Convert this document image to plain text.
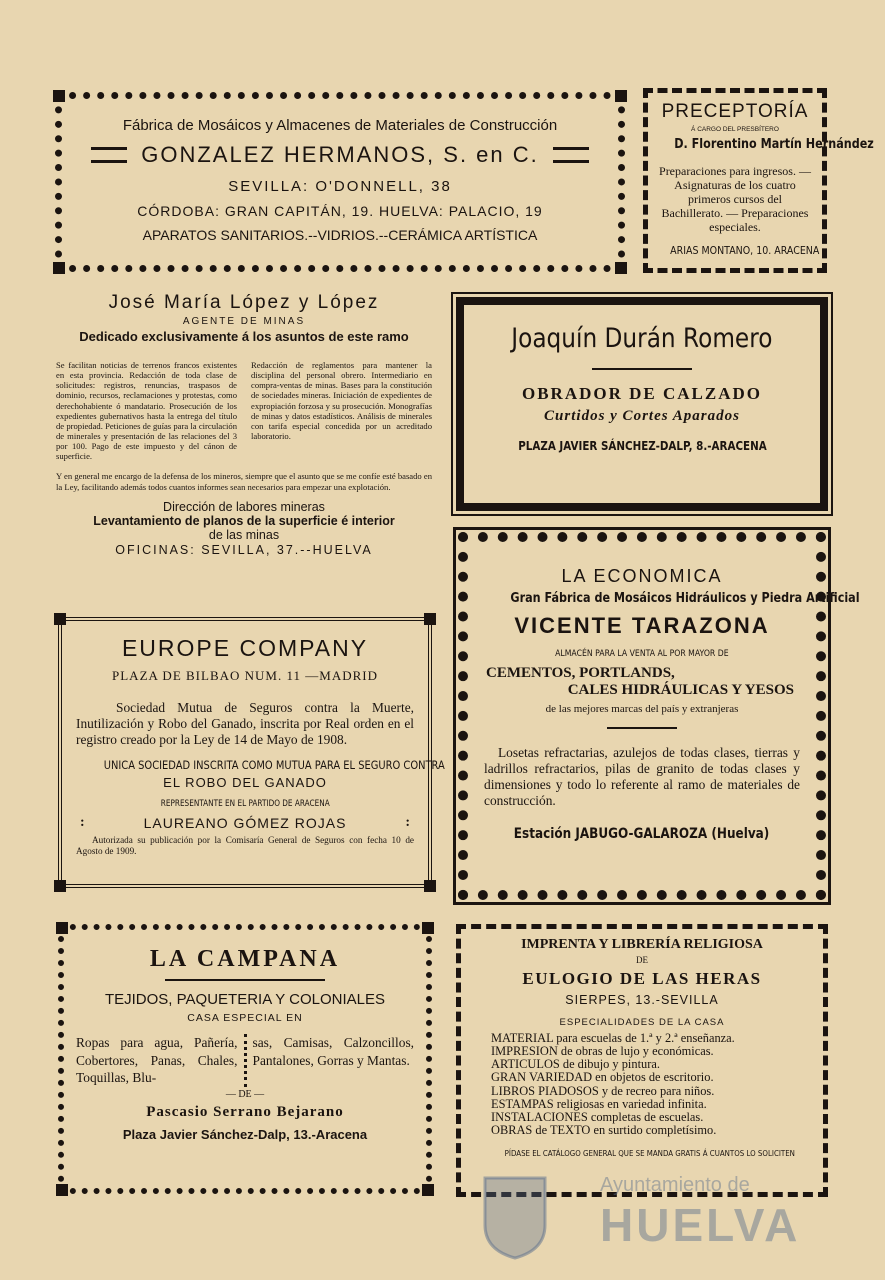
Fábrica de Mosáicos y Almacenes de Materiales de Construcción
GONZALEZ HERMANOS, S. en C.
SEVILLA: O'DONNELL, 38
CÓRDOBA: GRAN CAPITÁN, 19. HUELVA: PALACIO, 19
APARATOS SANITARIOS.--VIDRIOS.--CERÁMICA ARTÍSTICA
PRECEPTORÍA
Á CARGO DEL PRESBÍTERO
D. Florentino Martín Hernández
Preparaciones para ingresos. — Asignaturas de los cuatro primeros cursos del Bachillerato. — Preparaciones especiales.
ARIAS MONTANO, 10. ARACENA
José María López y López
AGENTE DE MINAS
Dedicado exclusivamente á los asuntos de este ramo
Se facilitan noticias de terrenos francos existentes en esta provincia. Redacción de toda clase de solicitudes: registros, renuncias, traspasos de dominio, recursos, reclamaciones y protestas, como derechohabiente ó mandatario. Prosecución de los expedientes gubernativos hasta la entrega del título de propiedad. Peticiones de guías para la circulación de minerales y presentación de las relaciones del 3 por 100. Pago de este impuesto y del cánon de superficie.
Redacción de reglamentos para mantener la disciplina del personal obrero. Intermediario en compra-ventas de minas. Bases para la constitución de sociedades mineras. Iniciación de expedientes de expropiación forzosa y su prosecución. Monografías de minas y datos estadísticos. Análisis de minerales con tarifa especial concedida por un acreditado laboratorio.
Y en general me encargo de la defensa de los mineros, siempre que el asunto que se me confíe esté basado en la Ley, facilitando además todos cuantos informes sean necesarios para empezar una explotación.
Dirección de labores mineras
Levantamiento de planos de la superficie é interior
de las minas
OFICINAS: SEVILLA, 37.--HUELVA
Joaquín Durán Romero
OBRADOR DE CALZADO
Curtidos y Cortes Aparados
PLAZA JAVIER SÁNCHEZ-DALP, 8.-ARACENA
EUROPE COMPANY
PLAZA DE BILBAO NUM. 11 —MADRID
Sociedad Mutua de Seguros contra la Muerte, Inutilización y Robo del Ganado, inscrita por Real orden en el registro creado por la Ley de 14 de Mayo de 1908.
UNICA SOCIEDAD INSCRITA COMO MUTUA PARA EL SEGURO CONTRA
EL ROBO DEL GANADO
REPRESENTANTE EN EL PARTIDO DE ARACENA
:	LAUREANO GÓMEZ ROJAS	:
Autorizada su publicación por la Comisaría General de Seguros con fecha 10 de Agosto de 1909.
LA ECONOMICA
Gran Fábrica de Mosáicos Hidráulicos y Piedra Artificial
VICENTE TARAZONA
ALMACÉN PARA LA VENTA AL POR MAYOR DE
CEMENTOS, PORTLANDS,
CALES HIDRÁULICAS Y YESOS
de las mejores marcas del país y extranjeras
Losetas refractarias, azulejos de todas clases, tierras y ladrillos refractarios, pilas de granito de todas clases y dimensiones y todo lo referente al ramo de materiales de construcción.
Estación JABUGO-GALAROZA (Huelva)
LA CAMPANA
TEJIDOS, PAQUETERIA Y COLONIALES
CASA ESPECIAL EN
Ropas para agua, Pañería, Cobertores, Panas, Chales, Toquillas, Blu-
sas, Camisas, Calzoncillos, Pantalones, Gorras y Mantas.
— DE —
Pascasio Serrano Bejarano
Plaza Javier Sánchez-Dalp, 13.-Aracena
IMPRENTA Y LIBRERÍA RELIGIOSA
DE
EULOGIO DE LAS HERAS
SIERPES, 13.-SEVILLA
ESPECIALIDADES DE LA CASA
MATERIAL para escuelas de 1.ª y 2.ª enseñanza.
IMPRESION de obras de lujo y económicas.
ARTICULOS de dibujo y pintura.
GRAN VARIEDAD en objetos de escritorio.
LIBROS PIADOSOS y de recreo para niños.
ESTAMPAS religiosas en variedad infinita.
INSTALACIONES completas de escuelas.
OBRAS de TEXTO en surtido completísimo.
PÍDASE EL CATÁLOGO GENERAL QUE SE MANDA GRATIS Á CUANTOS LO SOLICITEN
Ayuntamiento de
HUELVA
